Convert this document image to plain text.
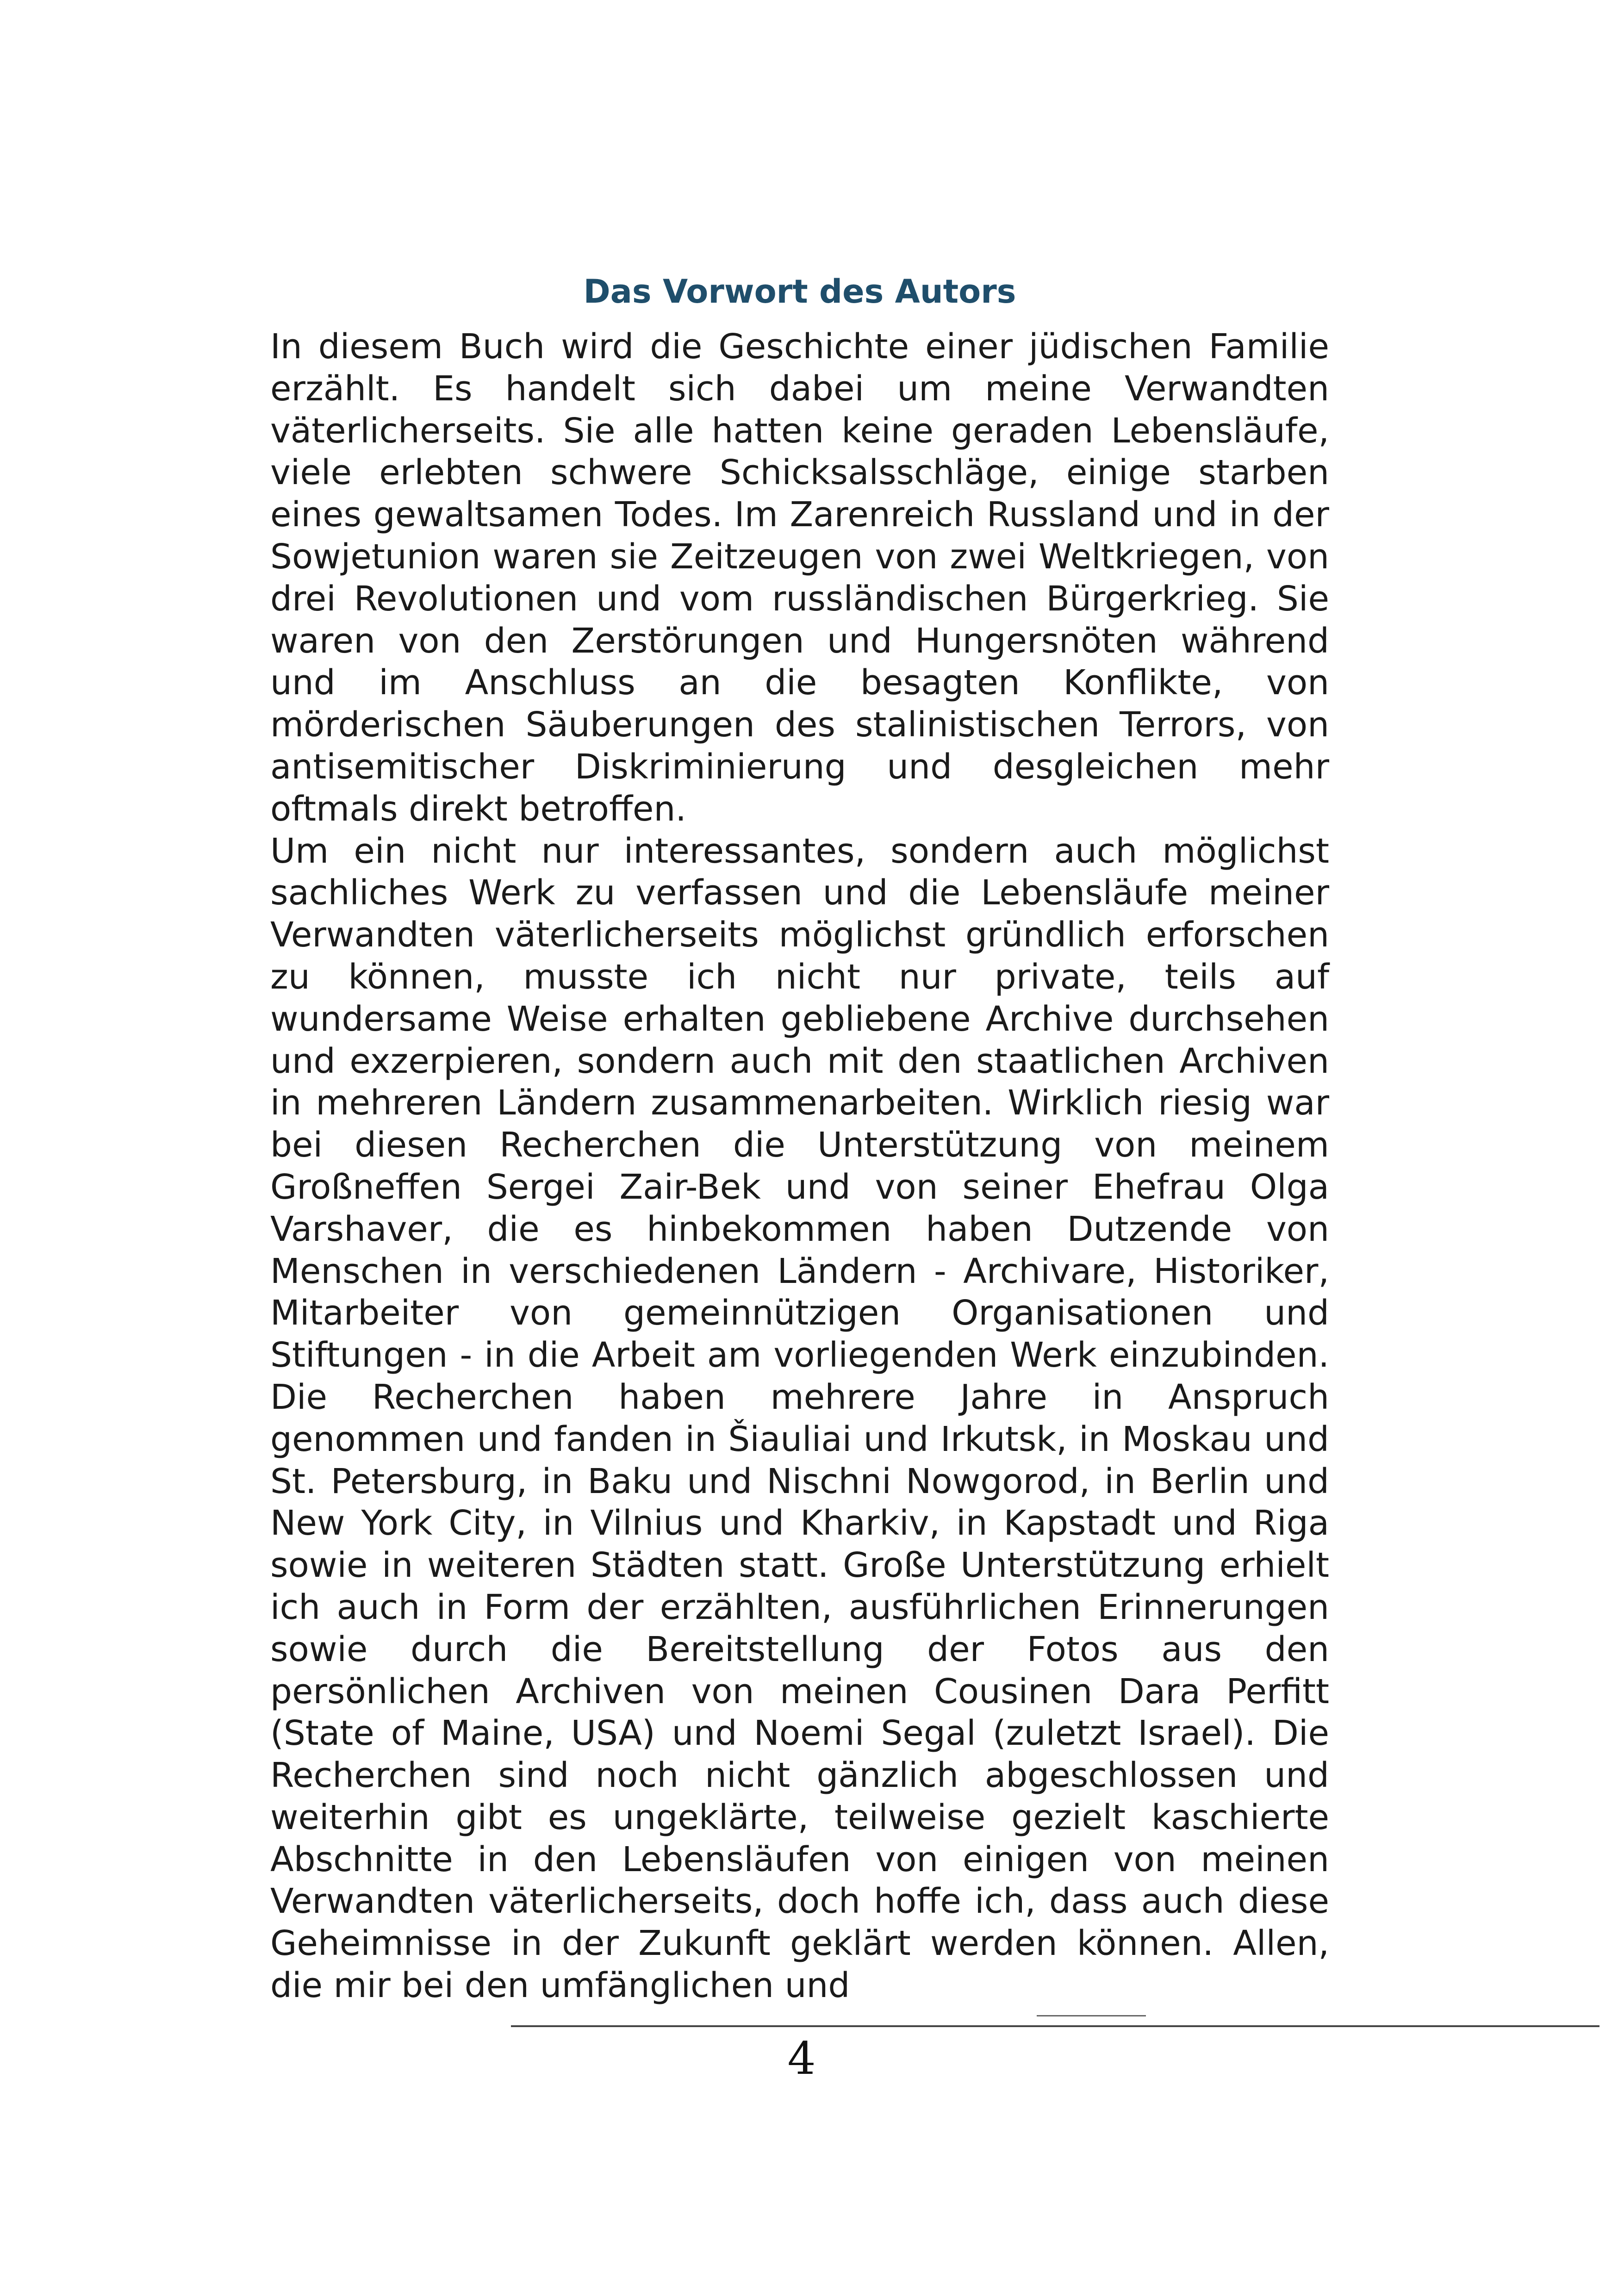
Das Vorwort des Autors

In diesem Buch wird die Geschichte einer jüdischen Familie erzählt. Es handelt sich dabei um meine Verwandten väterlicherseits. Sie alle hatten keine geraden Lebensläufe, viele erlebten schwere Schicksalsschläge, einige starben eines gewaltsamen Todes. Im Zarenreich Russland und in der Sowjetunion waren sie Zeitzeugen von zwei Weltkriegen, von drei Revolutionen und vom russländischen Bürgerkrieg. Sie waren von den Zerstörungen und Hungersnöten während und im Anschluss an die besagten Konflikte, von mörderischen Säuberungen des stalinistischen Terrors, von antisemitischer Diskriminierung und desgleichen mehr oftmals direkt betroffen.

Um ein nicht nur interessantes, sondern auch möglichst sachliches Werk zu verfassen und die Lebensläufe meiner Verwandten väterlicherseits möglichst gründlich erforschen zu können, musste ich nicht nur private, teils auf wundersame Weise erhalten gebliebene Archive durchsehen und exzerpieren, sondern auch mit den staatlichen Archiven in mehreren Ländern zusammenarbeiten. Wirklich riesig war bei diesen Recherchen die Unterstützung von meinem Großneffen Sergei Zair-Bek und von seiner Ehefrau Olga Varshaver, die es hinbekommen haben Dutzende von Menschen in verschiedenen Ländern - Archivare, Historiker, Mitarbeiter von gemeinnützigen Organisationen und Stiftungen - in die Arbeit am vorliegenden Werk einzubinden. Die Recherchen haben mehrere Jahre in Anspruch genommen und fanden in Šiauliai und Irkutsk, in Moskau und St. Petersburg, in Baku und Nischni Nowgorod, in Berlin und New York City, in Vilnius und Kharkiv, in Kapstadt und Riga sowie in weiteren Städten statt. Große Unterstützung erhielt ich auch in Form der erzählten, ausführlichen Erinnerungen sowie durch die Bereitstellung der Fotos aus den persönlichen Archiven von meinen Cousinen Dara Perfitt (State of Maine, USA) und Noemi Segal (zuletzt Israel). Die Recherchen sind noch nicht gänzlich abgeschlossen und weiterhin gibt es ungeklärte, teilweise gezielt kaschierte Abschnitte in den Lebensläufen von einigen von meinen Verwandten väterlicherseits, doch hoffe ich, dass auch diese Geheimnisse in der Zukunft geklärt werden können. Allen, die mir bei den umfänglichen und

4
